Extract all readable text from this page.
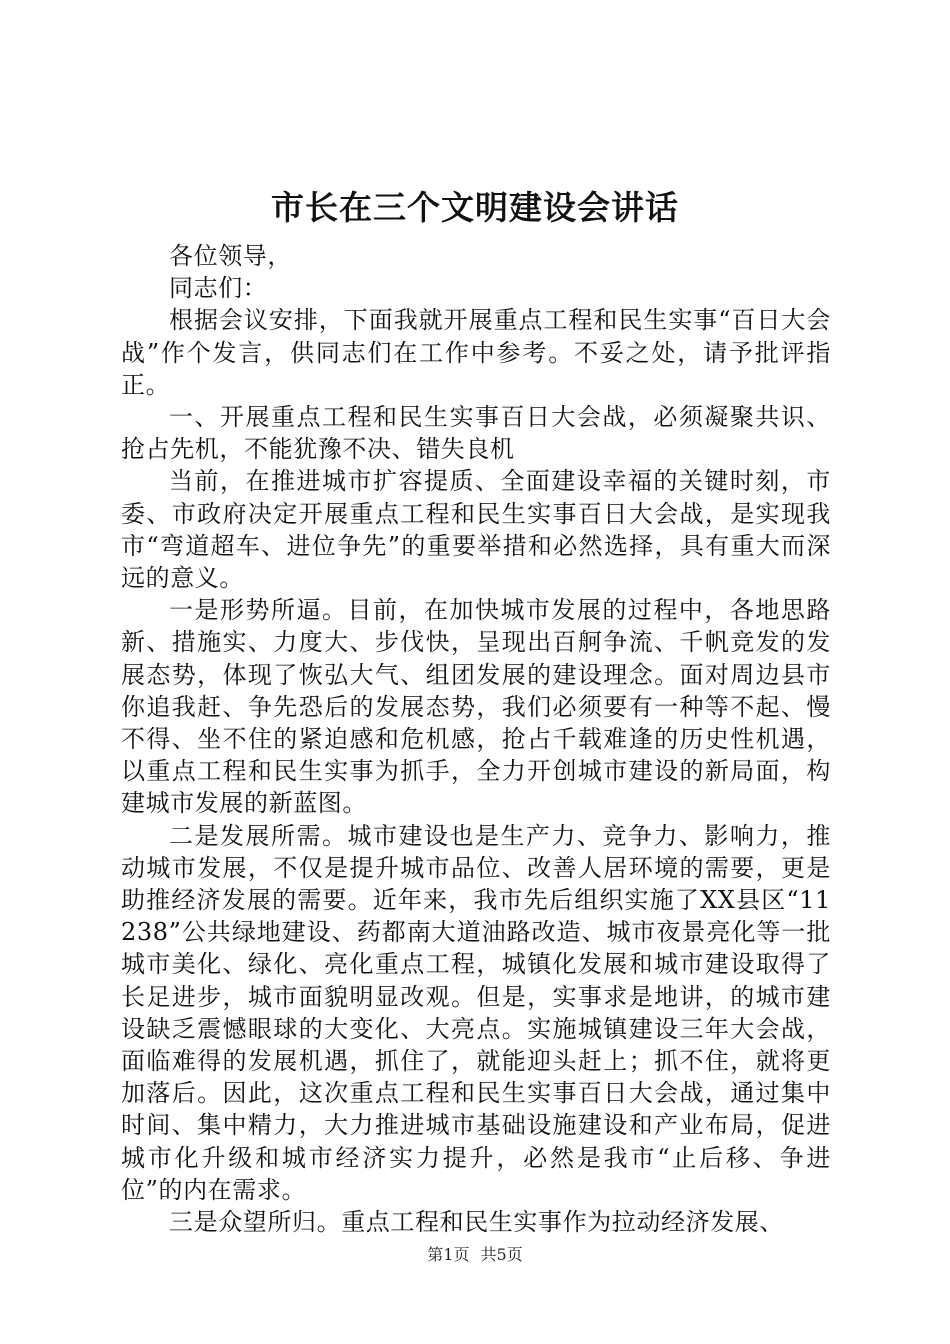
市长在三个文明建设会讲话

各位领导，

同志们：

根据会议安排，下面我就开展重点工程和民生实事“百日大会战”作个发言，供同志们在工作中参考。不妥之处，请予批评指正。

一、开展重点工程和民生实事百日大会战，必须凝聚共识、抢占先机，不能犹豫不决、错失良机

当前，在推进城市扩容提质、全面建设幸福的关键时刻，市委、市政府决定开展重点工程和民生实事百日大会战，是实现我市“弯道超车、进位争先”的重要举措和必然选择，具有重大而深远的意义。

一是形势所逼。目前，在加快城市发展的过程中，各地思路新、措施实、力度大、步伐快，呈现出百舸争流、千帆竞发的发展态势，体现了恢弘大气、组团发展的建设理念。面对周边县市你追我赶、争先恐后的发展态势，我们必须要有一种等不起、慢不得、坐不住的紧迫感和危机感，抢占千载难逢的历史性机遇，以重点工程和民生实事为抓手，全力开创城市建设的新局面，构建城市发展的新蓝图。

二是发展所需。城市建设也是生产力、竞争力、影响力，推动城市发展，不仅是提升城市品位、改善人居环境的需要，更是助推经济发展的需要。近年来，我市先后组织实施了XX县区“11238”公共绿地建设、药都南大道油路改造、城市夜景亮化等一批城市美化、绿化、亮化重点工程，城镇化发展和城市建设取得了长足进步，城市面貌明显改观。但是，实事求是地讲，的城市建设缺乏震憾眼球的大变化、大亮点。实施城镇建设三年大会战，面临难得的发展机遇，抓住了，就能迎头赶上；抓不住，就将更加落后。因此，这次重点工程和民生实事百日大会战，通过集中时间、集中精力，大力推进城市基础设施建设和产业布局，促进城市化升级和城市经济实力提升，必然是我市“止后移、争进位”的内在需求。

三是众望所归。重点工程和民生实事作为拉动经济发展、

第1页 共5页
